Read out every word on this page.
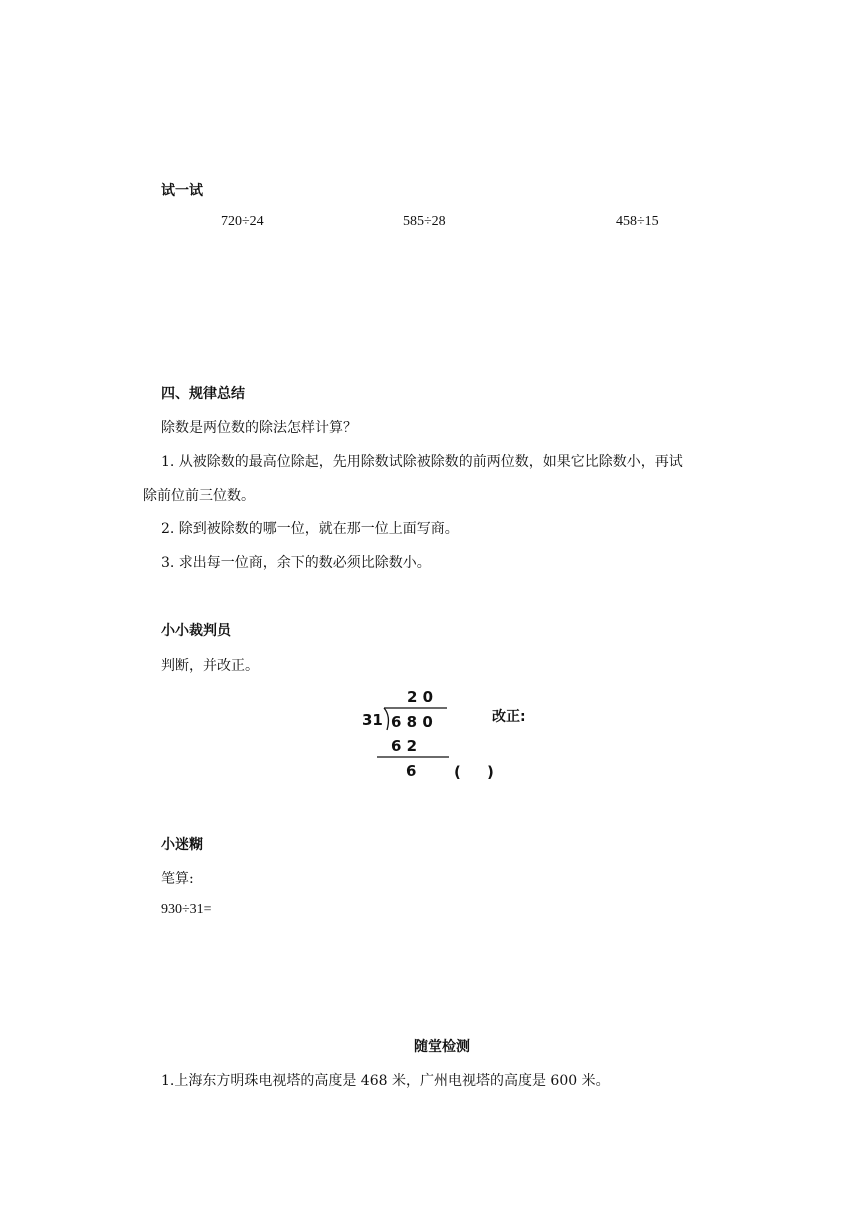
试一试
720÷24	585÷28	458÷15
四、规律总结
除数是两位数的除法怎样计算？
1. 从被除数的最高位除起，先用除数试除被除数的前两位数，如果它比除数小，再试
除前位前三位数。
2. 除到被除数的哪一位，就在那一位上面写商。
3. 求出每一位商，余下的数必须比除数小。
小小裁判员
判断，并改正。
2 0
31 6 8 0
6 2
6	(     )
改正:
小迷糊
笔算:
930÷31=
随堂检测
1.上海东方明珠电视塔的高度是 468 米，广州电视塔的高度是 600 米。
